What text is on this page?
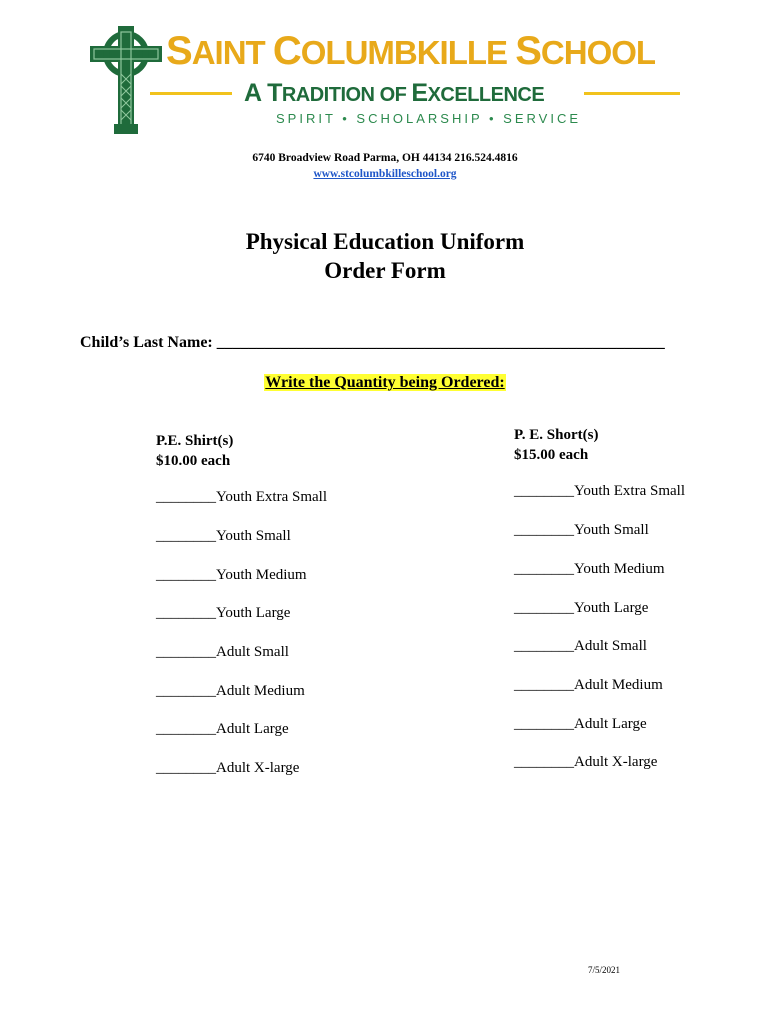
SAINT COLUMBKILLE SCHOOL
A TRADITION OF EXCELLENCE
SPIRIT • SCHOLARSHIP • SERVICE
6740 Broadview Road Parma, OH 44134 216.524.4816
www.stcolumbkilleschool.org
Physical Education Uniform
Order Form
Child’s Last Name: ________________________________________________________
Write the Quantity being Ordered:
P.E. Shirt(s)
$10.00 each
________Youth Extra Small
________Youth Small
________Youth Medium
________Youth Large
________Adult Small
________Adult Medium
________Adult Large
________Adult X-large
P. E. Short(s)
$15.00 each
________Youth Extra Small
________Youth Small
________Youth Medium
________Youth Large
________Adult Small
________Adult Medium
________Adult Large
________Adult X-large
7/5/2021
